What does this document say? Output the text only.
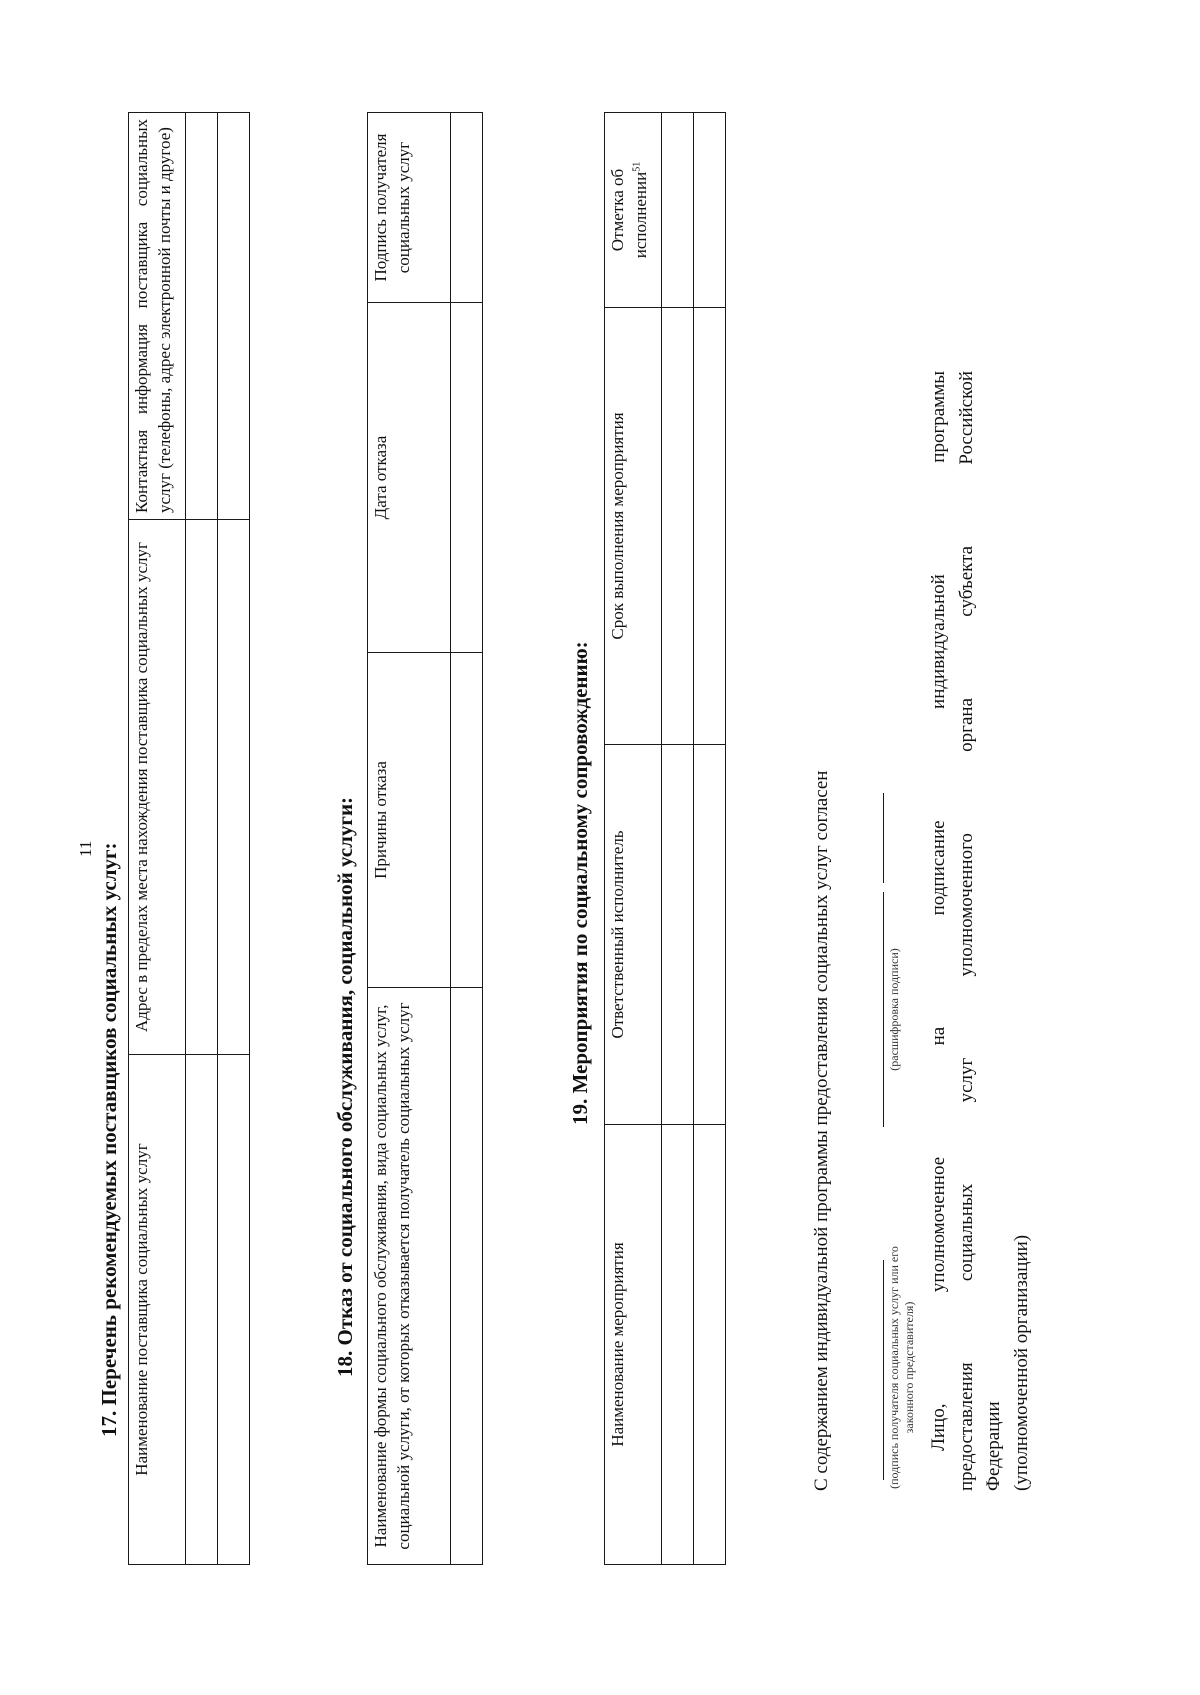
11 17. Перечень рекомендуемых поставщиков социальных услуг: Наименование поставщика социальных услуг	Адрес в пределах места нахождения поставщика социальных услуг	Контактная информация поставщика социальных услуг (телефоны, адрес электронной почты и другое)

18. Отказ от социального обслуживания, социальной услуги: Наименование формы социального обслуживания, вида социальных услуг, социальной услуги, от которых отказывается получатель социальных услуг	Причины отказа	Дата отказа	Подпись получателя социальных услуг

19. Мероприятия по социальному сопровождению:
Наименование мероприятия	Ответственный исполнитель	Срок выполнения мероприятия	Отметка об исполнении$^{51}$

С содержанием индивидуальной программы предоставления социальных услуг согласен	(подпись получателя социальных услуг или его законного представителя)
(расшифровка подписи) Лицо, уполномоченное на подписание индивидуальной программы предоставления социальных услуг уполномоченного органа субъекта Российской Федерации (уполномоченной организации)
